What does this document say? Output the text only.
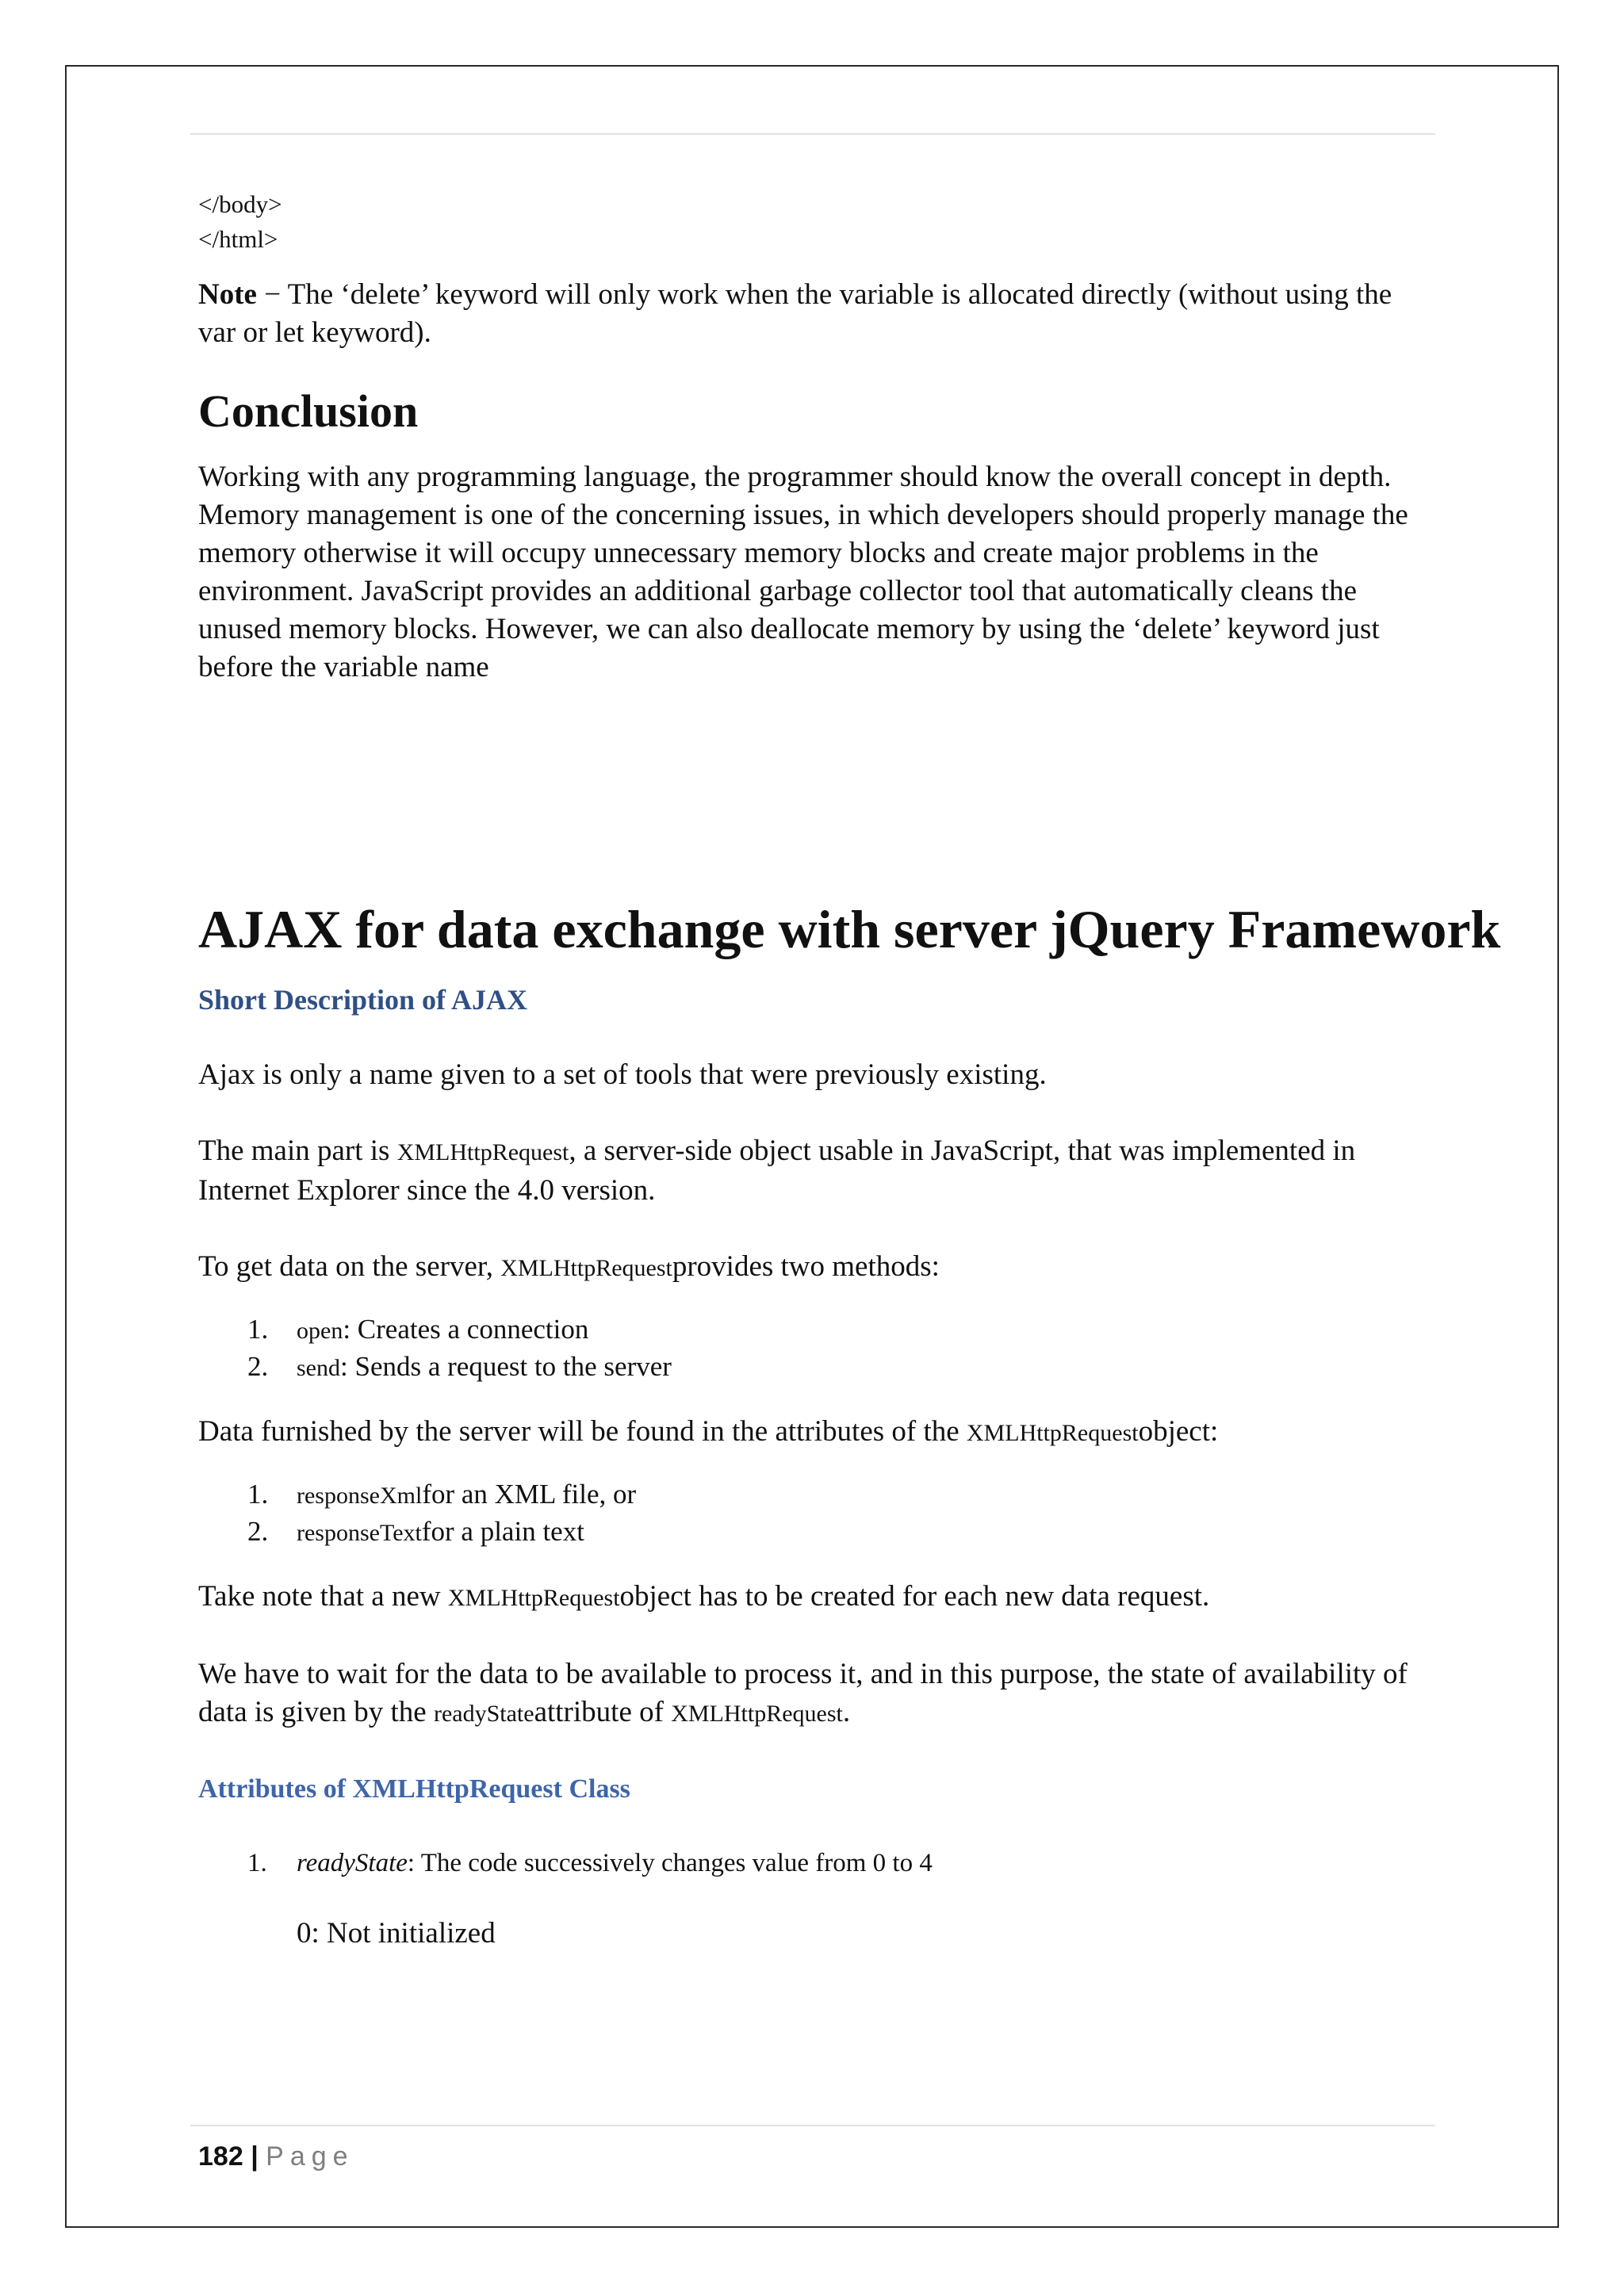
</body>
</html>

Note − The ‘delete’ keyword will only work when the variable is allocated directly (without using the var or let keyword).

Conclusion

Working with any programming language, the programmer should know the overall concept in depth. Memory management is one of the concerning issues, in which developers should properly manage the memory otherwise it will occupy unnecessary memory blocks and create major problems in the environment. JavaScript provides an additional garbage collector tool that automatically cleans the unused memory blocks. However, we can also deallocate memory by using the ‘delete’ keyword just before the variable name

AJAX for data exchange with server jQuery Framework
Short Description of AJAX

Ajax is only a name given to a set of tools that were previously existing.

The main part is XMLHttpRequest, a server-side object usable in JavaScript, that was implemented in Internet Explorer since the 4.0 version.

To get data on the server, XMLHttpRequestprovides two methods:

1.	open: Creates a connection
2.	send: Sends a request to the server

Data furnished by the server will be found in the attributes of the XMLHttpRequestobject:

1.	responseXmlfor an XML file, or
2.	responseTextfor a plain text

Take note that a new XMLHttpRequestobject has to be created for each new data request.

We have to wait for the data to be available to process it, and in this purpose, the state of availability of data is given by the readyStateattribute of XMLHttpRequest.

Attributes of XMLHttpRequest Class
1.	readyState: The code successively changes value from 0 to 4

0: Not initialized

182 | Page
